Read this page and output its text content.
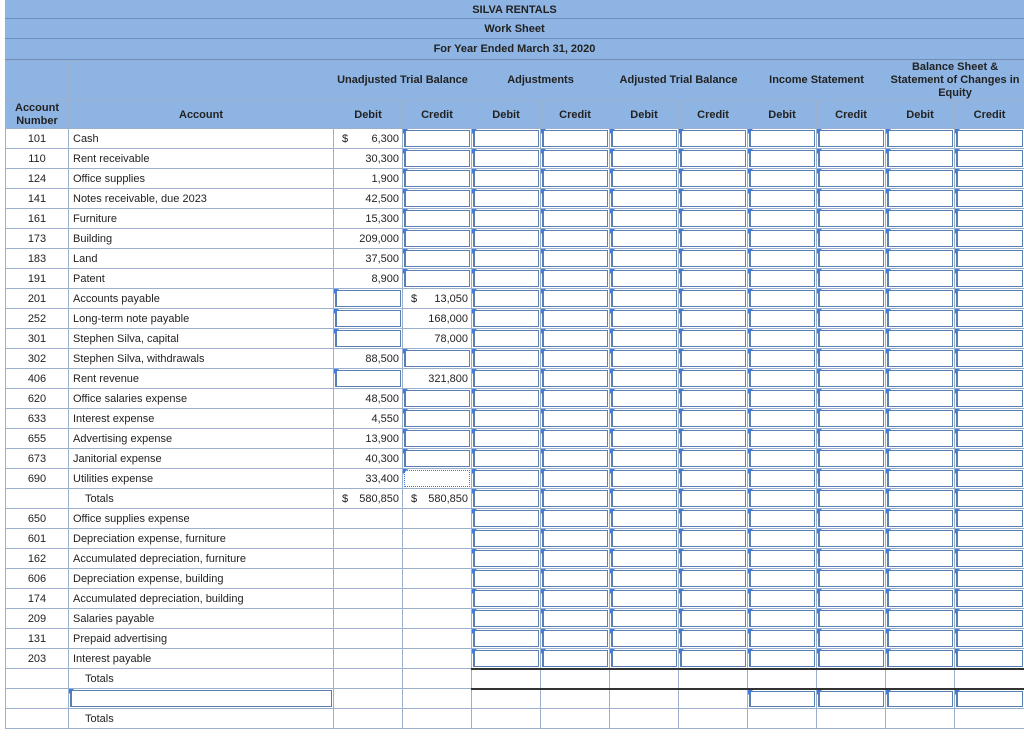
SILVA RENTALS
Work Sheet
For Year Ended March 31, 2020
		Unadjusted Trial Balance		Adjustments		Adjusted Trial Balance		Income Statement		Balance Sheet & Statement of Changes in Equity	
Account Number	Account	Debit	Credit	Debit	Credit	Debit	Credit	Debit	Credit	Debit	Credit
101	Cash	$ 6,300	

110	Rent receivable	30,300	

124	Office supplies	1,900	

141	Notes receivable, due 2023	42,500	

161	Furniture	15,300	

173	Building	209,000	

183	Land	37,500	

191	Patent	8,900	

201	Accounts payable		$ 13,050	

252	Long-term note payable		168,000	

301	Stephen Silva, capital		78,000	

302	Stephen Silva, withdrawals	88,500	

406	Rent revenue		321,800	

620	Office salaries expense	48,500	

633	Interest expense	4,550	

655	Advertising expense	13,900	

673	Janitorial expense	40,300	

690	Utilities expense	33,400	

	Totals	$ 580,850	$ 580,850	

650	Office supplies expense			

601	Depreciation expense, furniture			

162	Accumulated depreciation, furniture			

606	Depreciation expense, building			

174	Accumulated depreciation, building			

209	Salaries payable			

131	Prepaid advertising			

203	Interest payable			

	Totals										

	Totals										
